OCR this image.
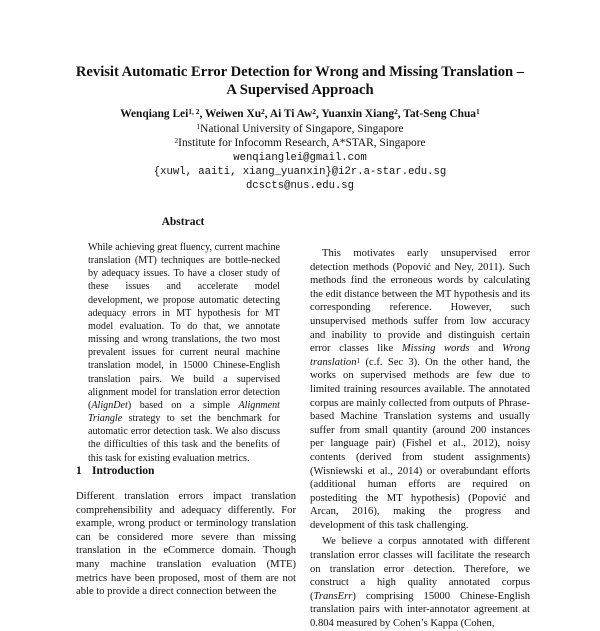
Revisit Automatic Error Detection for Wrong and Missing Translation –
A Supervised Approach
Wenqiang Lei$^{1, 2}$, Weiwen Xu$^2$, Ai Ti Aw$^2$, Yuanxin Xiang$^2$, Tat-Seng Chua$^1$
$^1$National University of Singapore, Singapore
$^2$Institute for Infocomm Research, A*STAR, Singapore
wenqianglei@gmail.com
{xuwl, aaiti, xiang_yuanxin}@i2r.a-star.edu.sg
dcscts@nus.edu.sg
Abstract

While achieving great fluency, current machine translation (MT) techniques are bottle-necked by adequacy issues. To have a closer study of these issues and accelerate model development, we propose automatic detecting adequacy errors in MT hypothesis for MT model evaluation. To do that, we annotate missing and wrong translations, the two most prevalent issues for current neural machine translation model, in 15000 Chinese-English translation pairs. We build a supervised alignment model for translation error detection (AlignDet) based on a simple Alignment Triangle strategy to set the benchmark for automatic error detection task. We also discuss the difficulties of this task and the benefits of this task for existing evaluation metrics.

1 Introduction

Different translation errors impact translation comprehensibility and adequacy differently. For example, wrong product or terminology translation can be considered more severe than missing translation in the eCommerce domain. Though many machine translation evaluation (MTE) metrics have been proposed, most of them are not able to provide a direct connection between the

This motivates early unsupervised error detection methods (Popović and Ney, 2011). Such methods find the erroneous words by calculating the edit distance between the MT hypothesis and its corresponding reference. However, such unsupervised methods suffer from low accuracy and inability to provide and distinguish certain error classes like Missing words and Wrong translation$^1$ (c.f. Sec 3). On the other hand, the works on supervised methods are few due to limited training resources available. The annotated corpus are mainly collected from outputs of Phrase-based Machine Translation systems and usually suffer from small quantity (around 200 instances per language pair) (Fishel et al., 2012), noisy contents (derived from student assignments) (Wisniewski et al., 2014) or overabundant efforts (additional human efforts are required on postediting the MT hypothesis) (Popović and Arcan, 2016), making the progress and development of this task challenging.

We believe a corpus annotated with different translation error classes will facilitate the research on translation error detection. Therefore, we construct a high quality annotated corpus (TransErr) comprising 15000 Chinese-English translation pairs with inter-annotator agreement at 0.804 measured by Cohen’s Kappa (Cohen,
